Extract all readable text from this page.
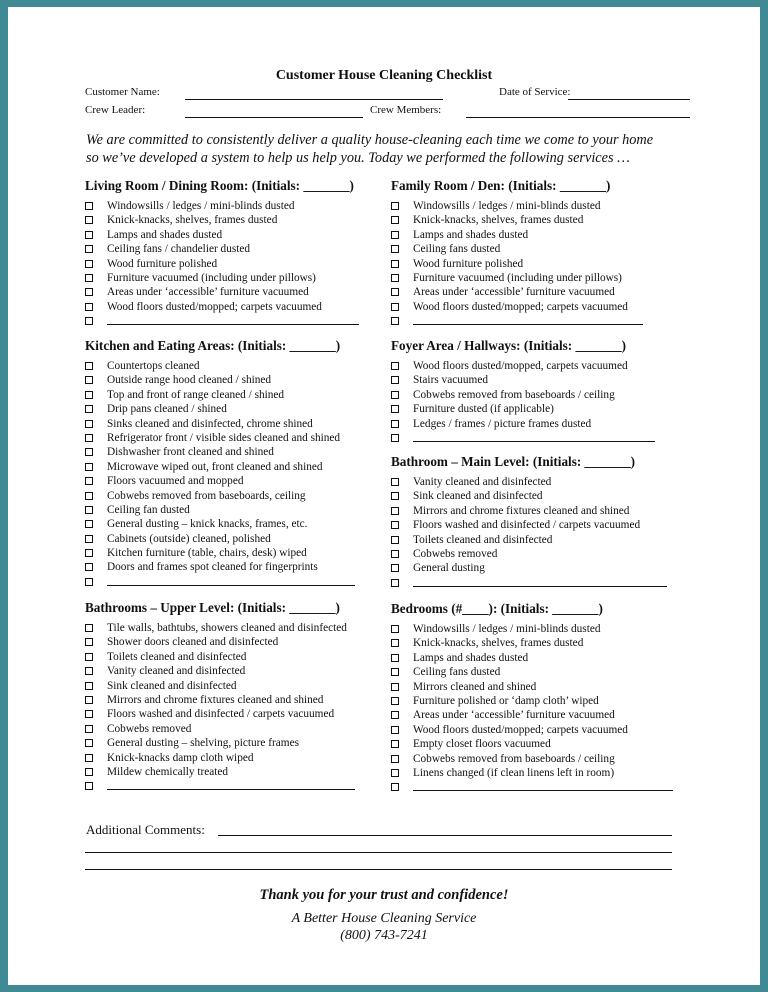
Customer House Cleaning Checklist
Customer Name:	Date of Service:
Crew Leader:	Crew Members:
We are committed to consistently deliver a quality house-cleaning each time we come to your home
so we’ve developed a system to help us help you. Today we performed the following services …
Living Room / Dining Room: (Initials: _______)
Windowsills / ledges / mini-blinds dusted
Knick-knacks, shelves, frames dusted
Lamps and shades dusted
Ceiling fans / chandelier dusted
Wood furniture polished
Furniture vacuumed (including under pillows)
Areas under ‘accessible’ furniture vacuumed
Wood floors dusted/mopped; carpets vacuumed
Family Room / Den: (Initials: _______)
Windowsills / ledges / mini-blinds dusted
Knick-knacks, shelves, frames dusted
Lamps and shades dusted
Ceiling fans dusted
Wood furniture polished
Furniture vacuumed (including under pillows)
Areas under ‘accessible’ furniture vacuumed
Wood floors dusted/mopped; carpets vacuumed
Kitchen and Eating Areas: (Initials: _______)
Countertops cleaned
Outside range hood cleaned / shined
Top and front of range cleaned / shined
Drip pans cleaned / shined
Sinks cleaned and disinfected, chrome shined
Refrigerator front / visible sides cleaned and shined
Dishwasher front cleaned and shined
Microwave wiped out, front cleaned and shined
Floors vacuumed and mopped
Cobwebs removed from baseboards, ceiling
Ceiling fan dusted
General dusting – knick knacks, frames, etc.
Cabinets (outside) cleaned, polished
Kitchen furniture (table, chairs, desk) wiped
Doors and frames spot cleaned for fingerprints
Foyer Area / Hallways: (Initials: _______)
Wood floors dusted/mopped, carpets vacuumed
Stairs vacuumed
Cobwebs removed from baseboards / ceiling
Furniture dusted (if applicable)
Ledges / frames / picture frames dusted
Bathroom – Main Level: (Initials: _______)
Vanity cleaned and disinfected
Sink cleaned and disinfected
Mirrors and chrome fixtures cleaned and shined
Floors washed and disinfected / carpets vacuumed
Toilets cleaned and disinfected
Cobwebs removed
General dusting
Bathrooms – Upper Level: (Initials: _______)
Tile walls, bathtubs, showers cleaned and disinfected
Shower doors cleaned and disinfected
Toilets cleaned and disinfected
Vanity cleaned and disinfected
Sink cleaned and disinfected
Mirrors and chrome fixtures cleaned and shined
Floors washed and disinfected / carpets vacuumed
Cobwebs removed
General dusting – shelving, picture frames
Knick-knacks damp cloth wiped
Mildew chemically treated
Bedrooms (#____): (Initials: _______)
Windowsills / ledges / mini-blinds dusted
Knick-knacks, shelves, frames dusted
Lamps and shades dusted
Ceiling fans dusted
Mirrors cleaned and shined
Furniture polished or ‘damp cloth’ wiped
Areas under ‘accessible’ furniture vacuumed
Wood floors dusted/mopped; carpets vacuumed
Empty closet floors vacuumed
Cobwebs removed from baseboards / ceiling
Linens changed (if clean linens left in room)
Additional Comments:
Thank you for your trust and confidence!
A Better House Cleaning Service
(800) 743-7241
